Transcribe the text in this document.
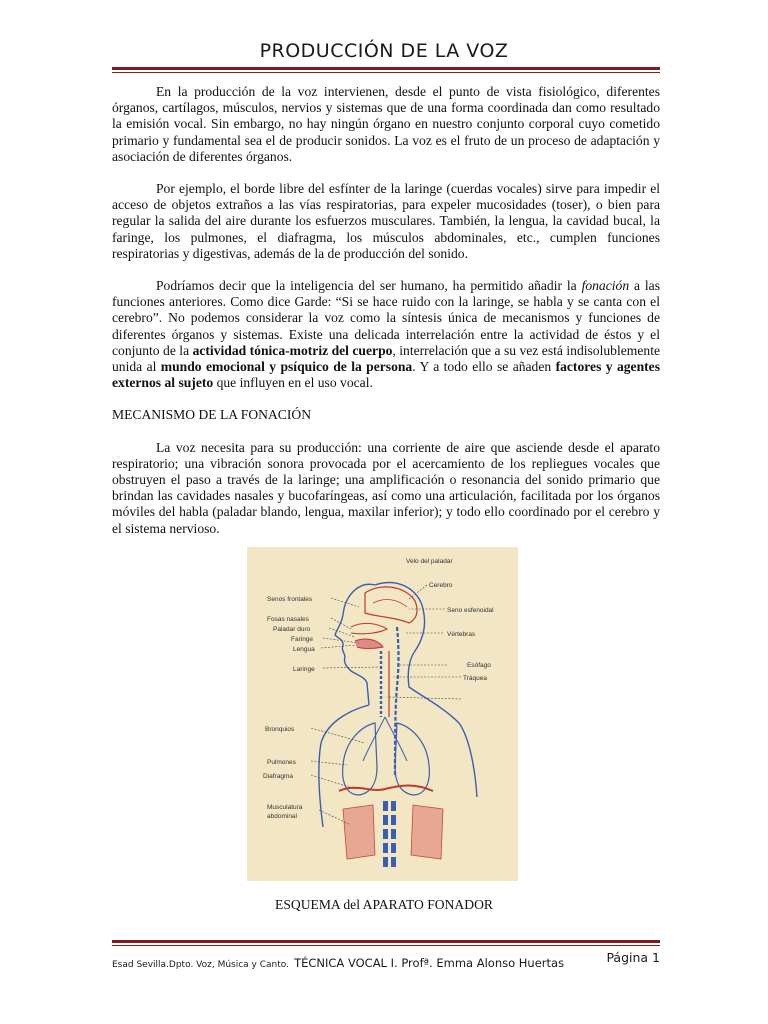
PRODUCCIÓN DE LA VOZ

En la producción de la voz intervienen, desde el punto de vista fisiológico, diferentes órganos, cartílagos, músculos, nervios y sistemas que de una forma coordinada dan como resultado la emisión vocal. Sin embargo, no hay ningún órgano en nuestro conjunto corporal cuyo cometido primario y fundamental sea el de producir sonidos. La voz es el fruto de un proceso de adaptación y asociación de diferentes órganos.

Por ejemplo, el borde libre del esfínter de la laringe (cuerdas vocales) sirve para impedir el acceso de objetos extraños a las vías respiratorias, para expeler mucosidades (toser), o bien para regular la salida del aire durante los esfuerzos musculares. También, la lengua, la cavidad bucal, la faringe, los pulmones, el diafragma, los músculos abdominales, etc., cumplen funciones respiratorias y digestivas, además de la de producción del sonido.

Podríamos decir que la inteligencia del ser humano, ha permitido añadir la fonación a las funciones anteriores. Como dice Garde: “Si se hace ruido con la laringe, se habla y se canta con el cerebro”. No podemos considerar la voz como la síntesis única de mecanismos y funciones de diferentes órganos y sistemas. Existe una delicada interrelación entre la actividad de éstos y el conjunto de la actividad tónica-motriz del cuerpo, interrelación que a su vez está indisolublemente unida al mundo emocional y psíquico de la persona. Y a todo ello se añaden factores y agentes externos al sujeto que influyen en el uso vocal.

MECANISMO DE LA FONACIÓN

La voz necesita para su producción: una corriente de aire que asciende desde el aparato respiratorio; una vibración sonora provocada por el acercamiento de los repliegues vocales que obstruyen el paso a través de la laringe; una amplificación o resonancia del sonido primario que brindan las cavidades nasales y bucofaríngeas, así como una articulación, facilitada por los órganos móviles del habla (paladar blando, lengua, maxilar inferior); y todo ello coordinado por el cerebro y el sistema nervioso.

Velo del paladar
Cerebro
Senos frontales
Seno esfenoidal
Fosas nasales
Paladar duro
Faringe
Lengua
Vértebras
Esófago
Laringe
Tráquea
Bronquios
Pulmones
Diafragma
Musculatura
abdominal
ESQUEMA del APARATO FONADOR
Esad Sevilla.Dpto. Voz, Música y Canto. TÉCNICA VOCAL I. Profª. Emma Alonso Huertas	Página 1
